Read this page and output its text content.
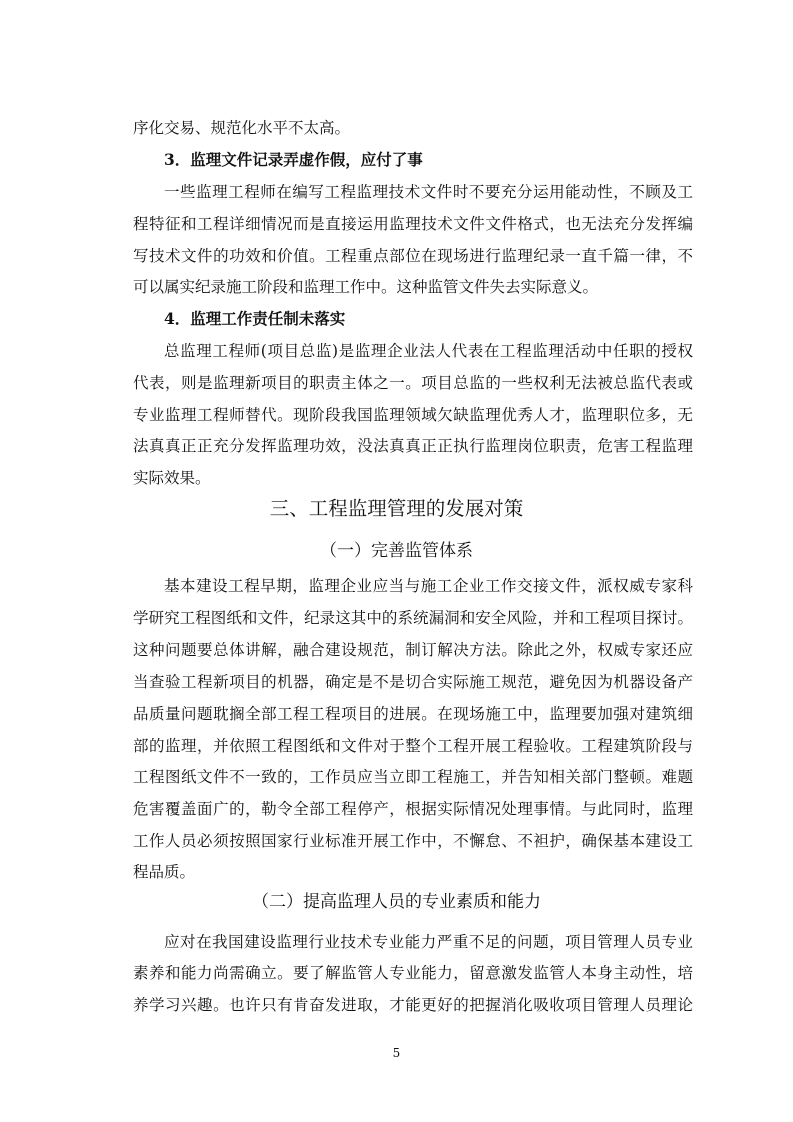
序化交易、规范化水平不太高。
3．监理文件记录弄虚作假，应付了事
一些监理工程师在编写工程监理技术文件时不要充分运用能动性，不顾及工
程特征和工程详细情况而是直接运用监理技术文件文件格式，也无法充分发挥编
写技术文件的功效和价值。工程重点部位在现场进行监理纪录一直千篇一律，不
可以属实纪录施工阶段和监理工作中。这种监管文件失去实际意义。
4．监理工作责任制未落实
总监理工程师(项目总监)是监理企业法人代表在工程监理活动中任职的授权
代表，则是监理新项目的职责主体之一。项目总监的一些权利无法被总监代表或
专业监理工程师替代。现阶段我国监理领域欠缺监理优秀人才，监理职位多，无
法真真正正充分发挥监理功效，没法真真正正执行监理岗位职责，危害工程监理
实际效果。
三、工程监理管理的发展对策
（一）完善监管体系
基本建设工程早期，监理企业应当与施工企业工作交接文件，派权威专家科
学研究工程图纸和文件，纪录这其中的系统漏洞和安全风险，并和工程项目探讨。
这种问题要总体讲解，融合建设规范，制订解决方法。除此之外，权威专家还应
当查验工程新项目的机器，确定是不是切合实际施工规范，避免因为机器设备产
品质量问题耽搁全部工程工程项目的进展。在现场施工中，监理要加强对建筑细
部的监理，并依照工程图纸和文件对于整个工程开展工程验收。工程建筑阶段与
工程图纸文件不一致的，工作员应当立即工程施工，并告知相关部门整顿。难题
危害覆盖面广的，勒令全部工程停产，根据实际情况处理事情。与此同时，监理
工作人员必须按照国家行业标准开展工作中，不懈怠、不袒护，确保基本建设工
程品质。
（二）提高监理人员的专业素质和能力
应对在我国建设监理行业技术专业能力严重不足的问题，项目管理人员专业
素养和能力尚需确立。要了解监管人专业能力，留意激发监管人本身主动性，培
养学习兴趣。也许只有肯奋发进取，才能更好的把握消化吸收项目管理人员理论
5
